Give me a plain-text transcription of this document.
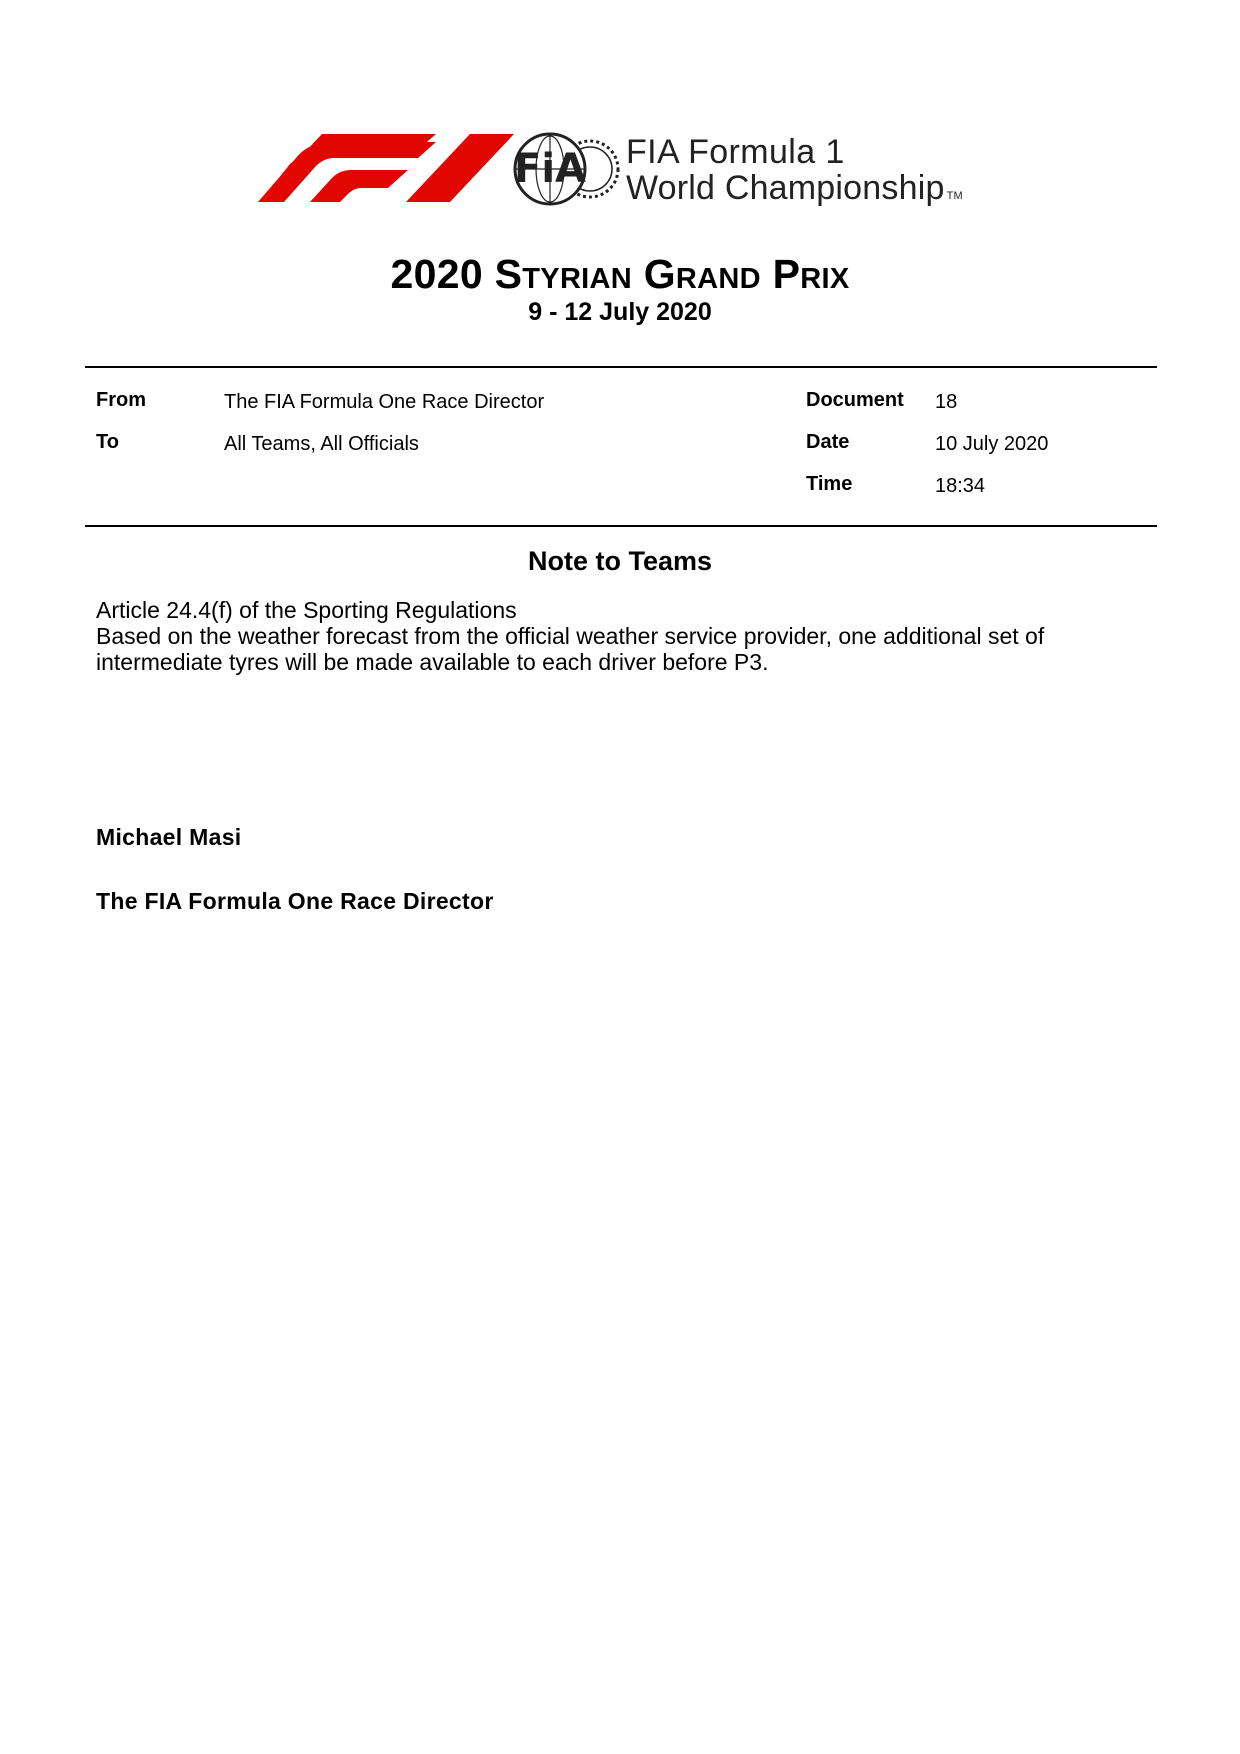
FiA FIA Formula 1
World Championship TM
2020 Styrian Grand Prix
9 - 12 July 2020
From	The FIA Formula One Race Director
To	All Teams, All Officials
Document 18
Date	10 July 2020
Time	18:34
Note to Teams

Article 24.4(f) of the Sporting Regulations

Based on the weather forecast from the official weather service provider, one additional set of intermediate tyres will be made available to each driver before P3.

Michael Masi
The FIA Formula One Race Director
